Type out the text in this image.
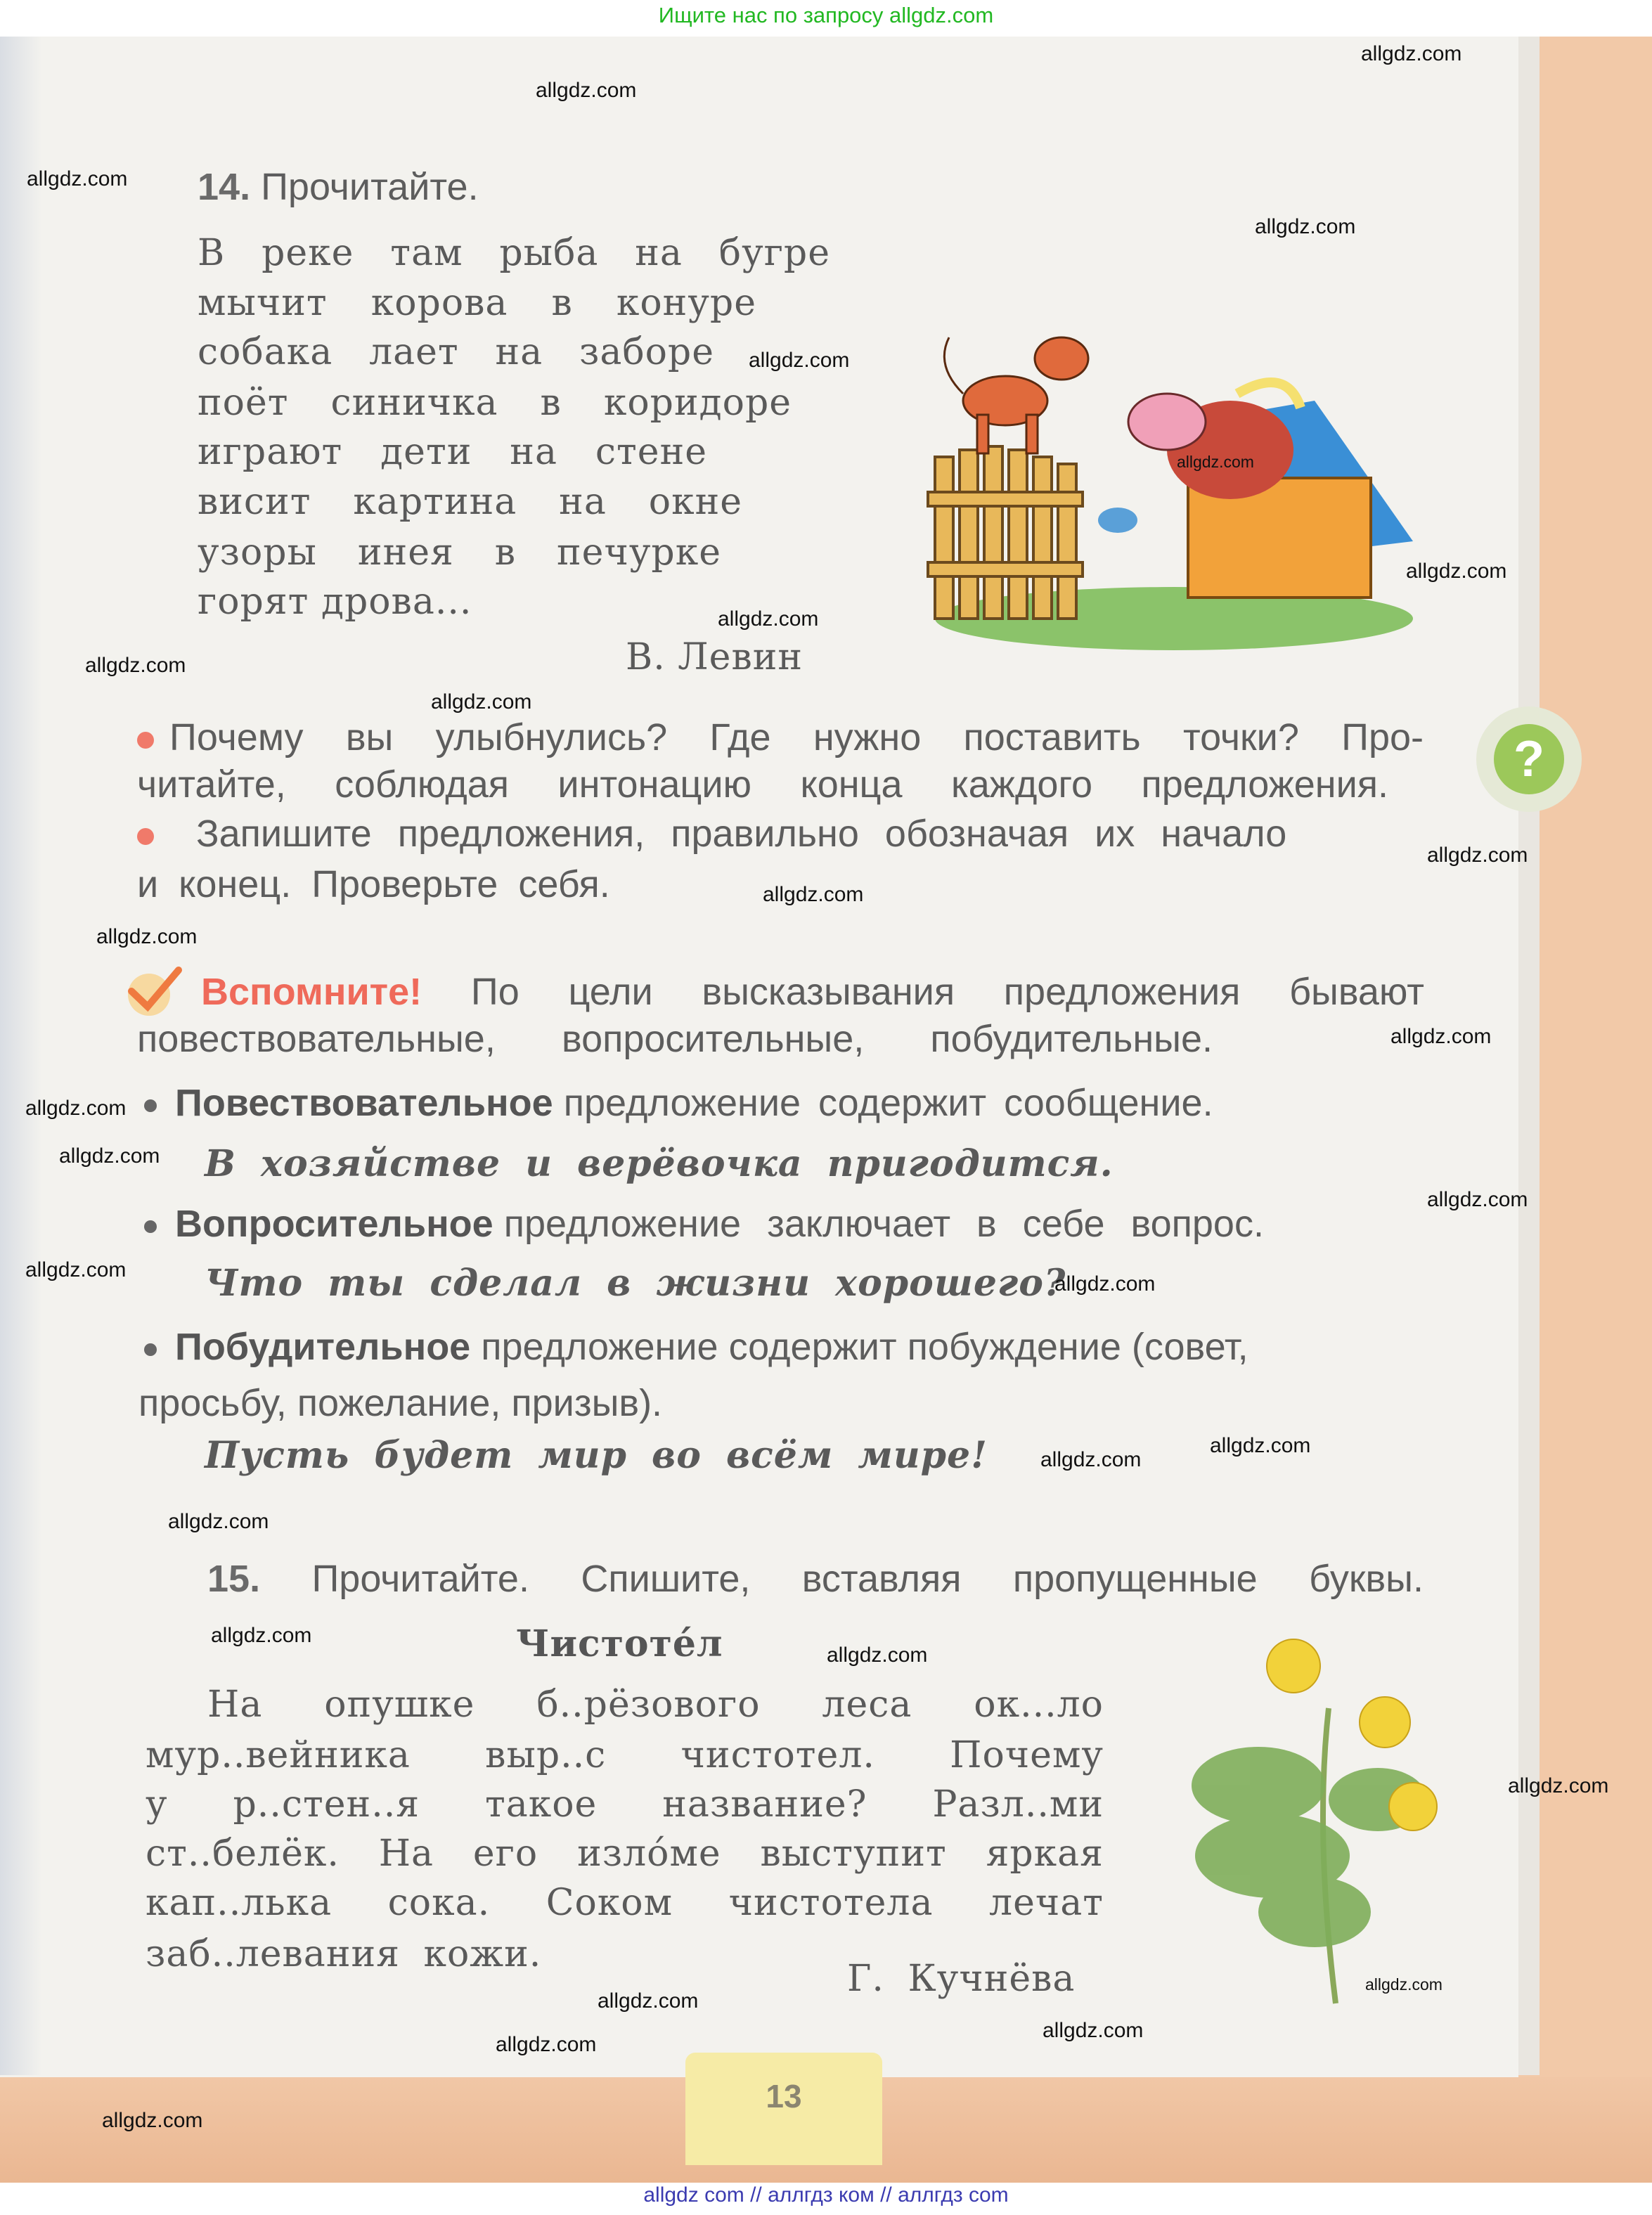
Ищите нас по запросу allgdz.com
14. Прочитайте.
В реке там рыба на бугре
мычит корова в конуре
собака лает на заборе
поёт синичка в коридоре
играют дети на стене
висит картина на окне
узоры инея в печурке
горят дрова...
В. Левин
Почему вы улыбнулись? Где нужно поставить точки? Про-
читайте, соблюдая интонацию конца каждого предложения.
Запишите предложения, правильно обозначая их начало
и конец. Проверьте себя.
?
Вспомните! По цели высказывания предложения бывают
повествовательные, вопросительные, побудительные.
Повествовательное предложение содержит сообщение.
В хозяйстве и верёвочка пригодится.
Вопросительное предложение заключает в себе вопрос.
Что ты сделал в жизни хорошего?
Побудительное предложение содержит побуждение (совет,
просьбу, пожелание, призыв).
Пусть будет мир во всём мире!
15. Прочитайте. Спишите, вставляя пропущенные буквы.
Чистоте́л
На опушке б..рёзового леса ок...ло
мур..вейника выр..с чистотел. Почему
у р..стен..я такое название? Разл..ми
ст..белёк. На его изло́ме выступит яркая
кап..лька сока. Соком чистотела лечат
заб..левания кожи.
Г. Кучнёва
13
allgdz com // аллгдз ком // аллгдз com
allgdz.com
allgdz.com
allgdz.com
allgdz.com
allgdz.com
allgdz.com
allgdz.com
allgdz.com
allgdz.com
allgdz.com
allgdz.com
allgdz.com
allgdz.com
allgdz.com
allgdz.com
allgdz.com
allgdz.com
allgdz.com
allgdz.com
allgdz.com
allgdz.com
allgdz.com
allgdz.com
allgdz.com
allgdz.com
allgdz.com
allgdz.com
allgdz.com
allgdz.com
allgdz.com
